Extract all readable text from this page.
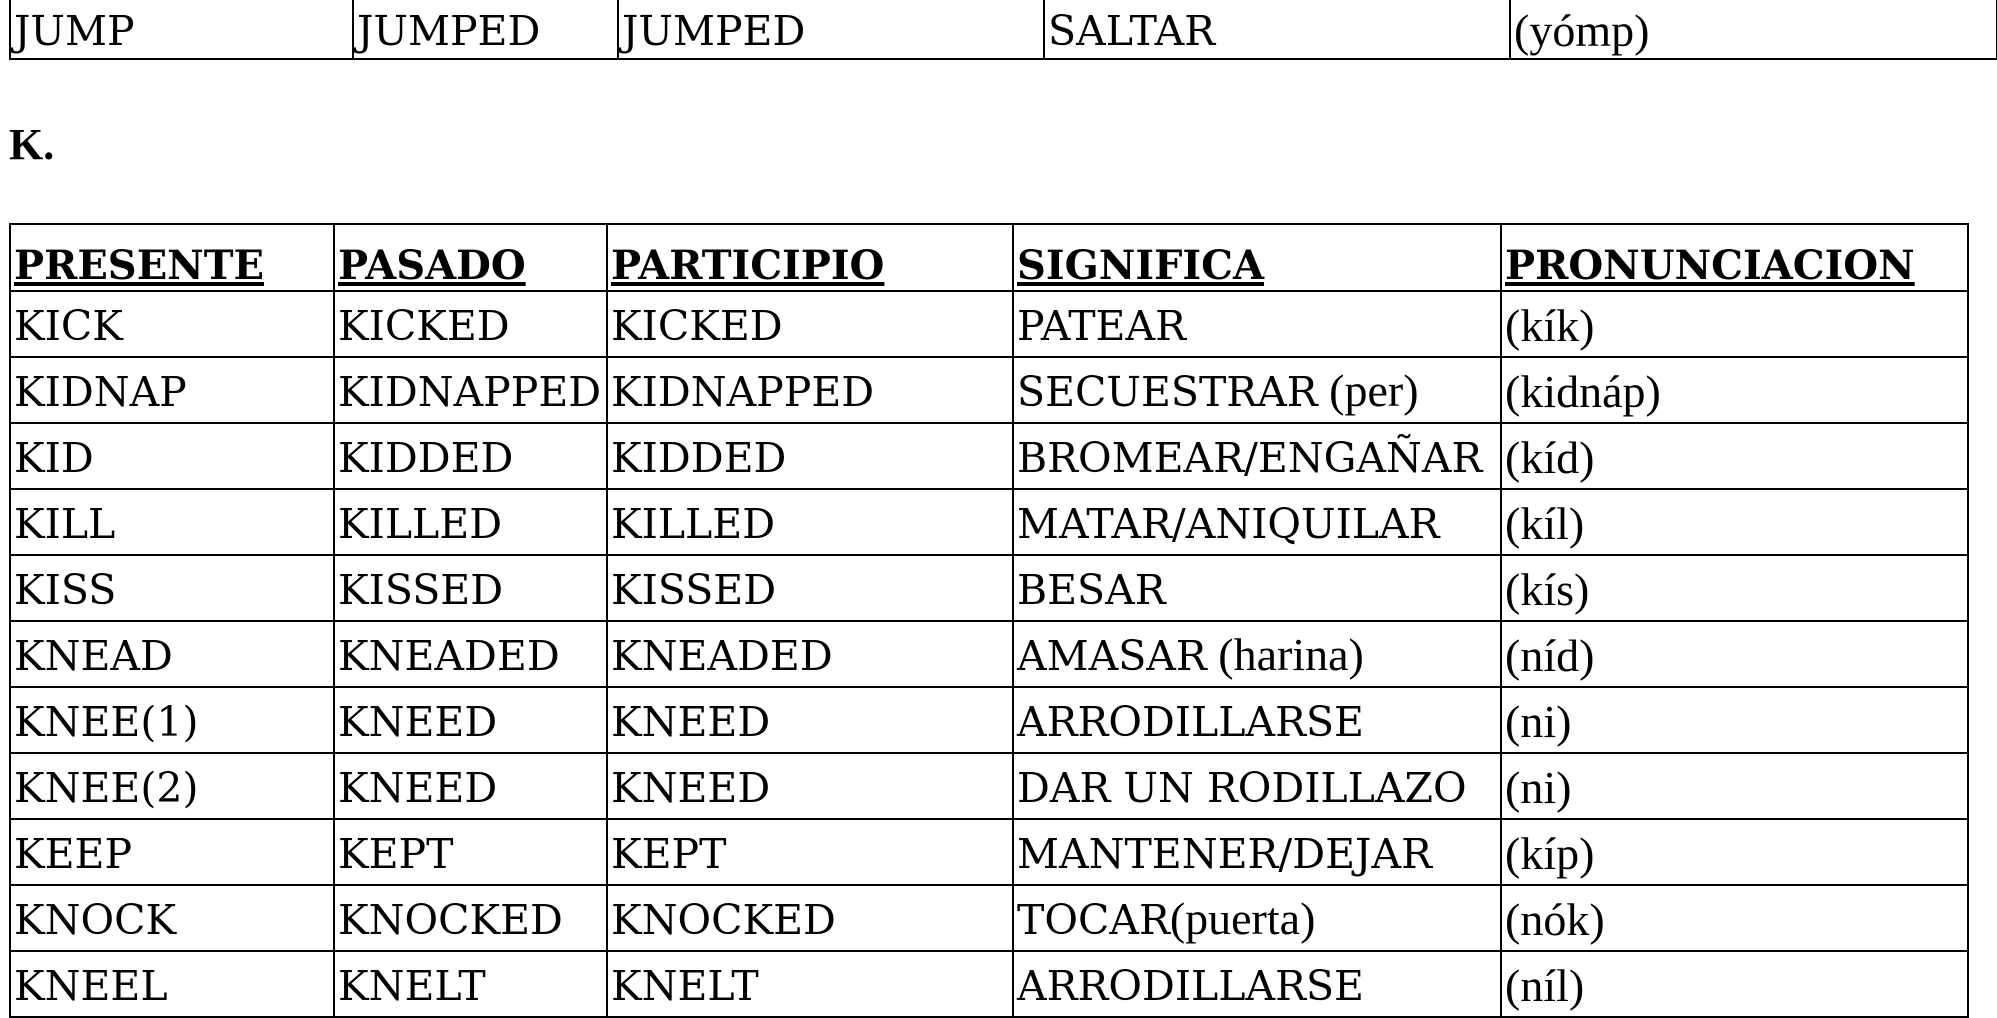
JUMP	JUMPED	JUMPED	SALTAR	(yómp)
K.
PRESENTE	PASADO	PARTICIPIO	SIGNIFICA	PRONUNCIACION
KICK	KICKED	KICKED	PATEAR	(kík)
KIDNAP	KIDNAPPED	KIDNAPPED	SECUESTRAR (per)	(kidnáp)
KID	KIDDED	KIDDED	BROMEAR/ENGAÑAR	(kíd)
KILL	KILLED	KILLED	MATAR/ANIQUILAR	(kíl)
KISS	KISSED	KISSED	BESAR	(kís)
KNEAD	KNEADED	KNEADED	AMASAR (harina)	(níd)
KNEE(1)	KNEED	KNEED	ARRODILLARSE	(ni)
KNEE(2)	KNEED	KNEED	DAR UN RODILLAZO	(ni)
KEEP	KEPT	KEPT	MANTENER/DEJAR	(kíp)
KNOCK	KNOCKED	KNOCKED	TOCAR(puerta)	(nók)
KNEEL	KNELT	KNELT	ARRODILLARSE	(níl)
